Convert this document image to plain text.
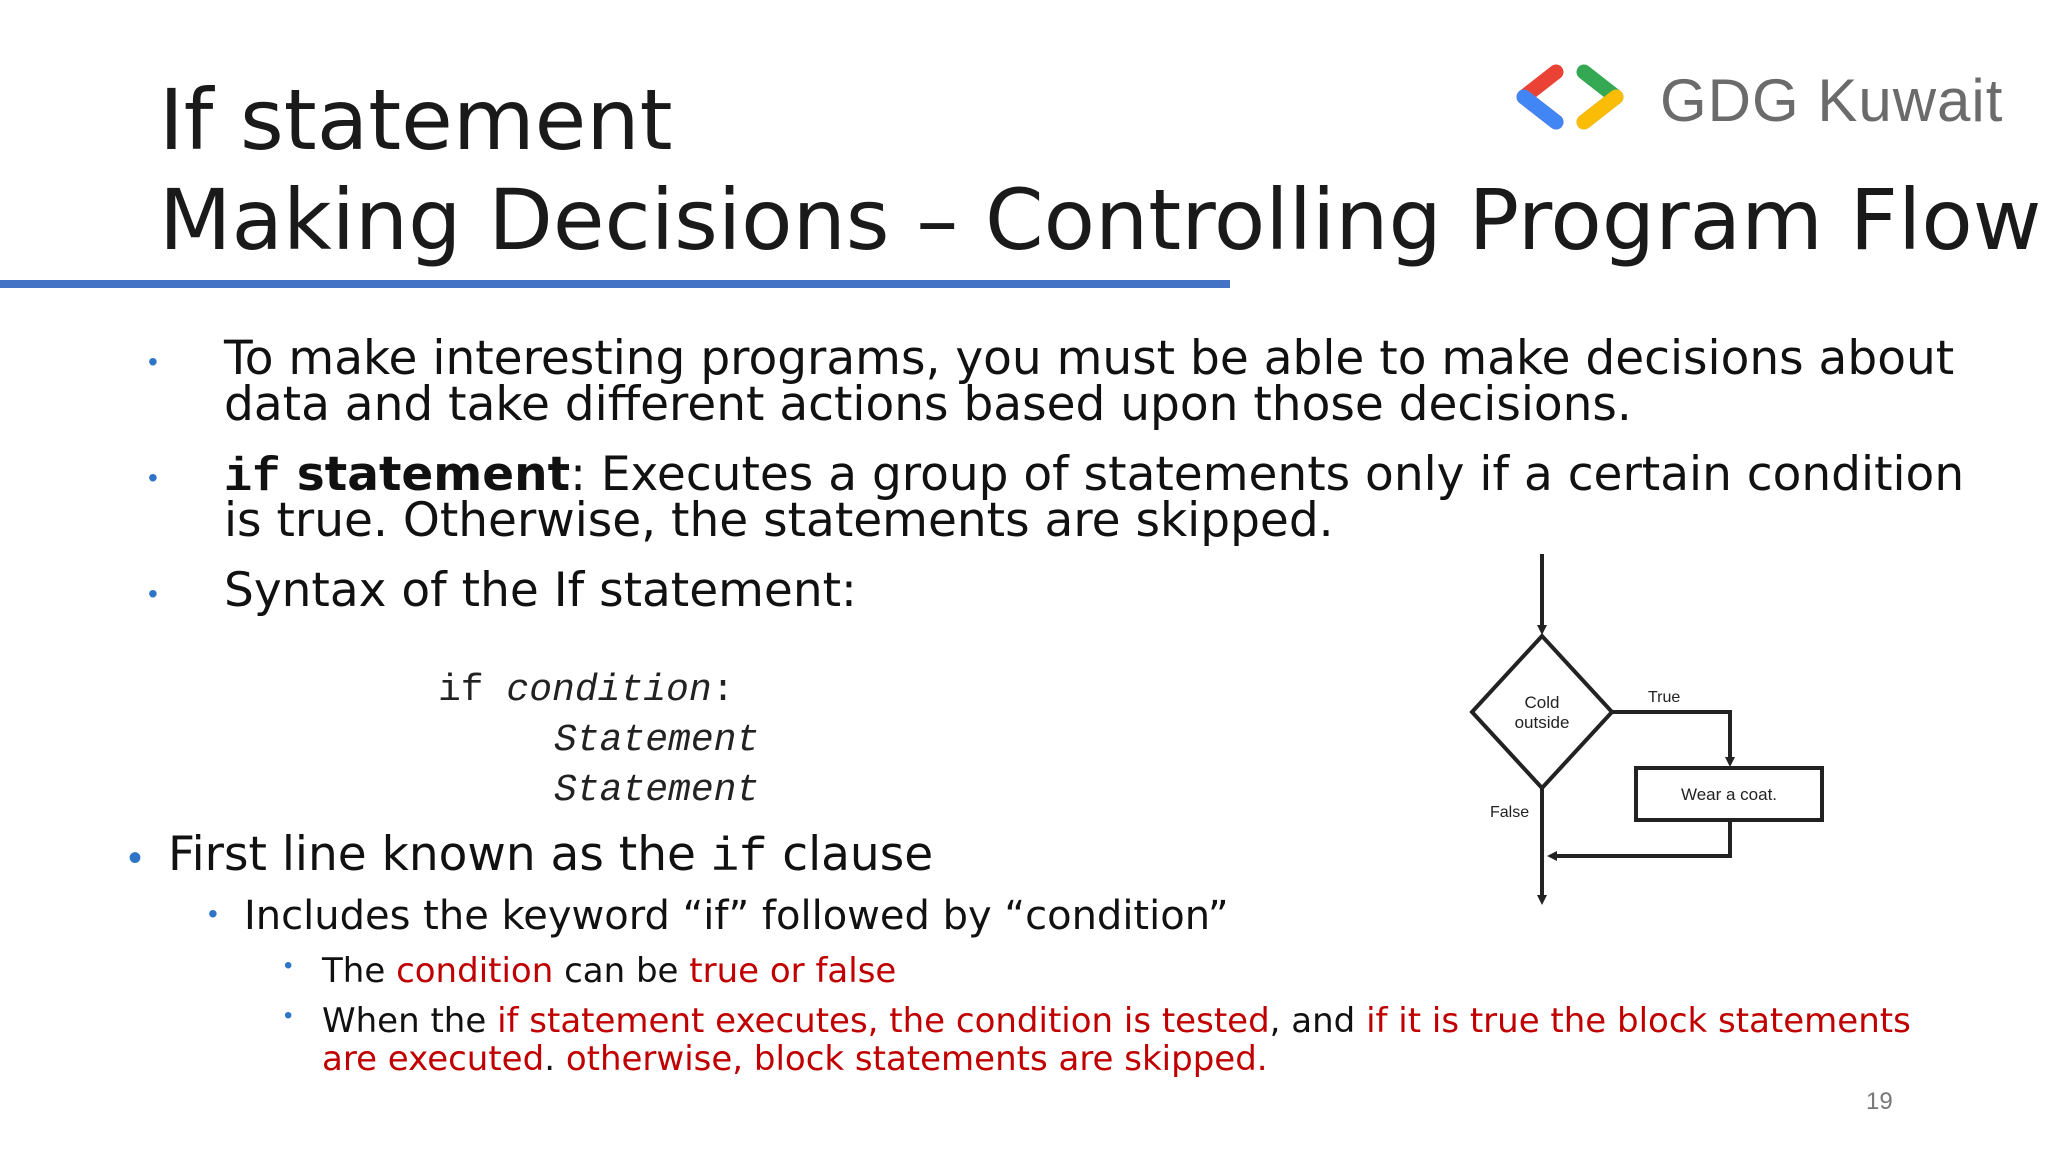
If statement
Making Decisions – Controlling Program Flow
GDG Kuwait
• To make interesting programs, you must be able to make decisions about
data and take different actions based upon those decisions.
• if statement: Executes a group of statements only if a certain condition
is true. Otherwise, the statements are skipped.
• Syntax of the If statement:
if condition:
Statement
Statement
• First line known as the if clause
• Includes the keyword “if” followed by “condition”
• The condition can be true or false
• When the if statement executes, the condition is tested, and if it is true the block statements
are executed. otherwise, block statements are skipped.
Cold
outside
True
Wear a coat.
False
19
